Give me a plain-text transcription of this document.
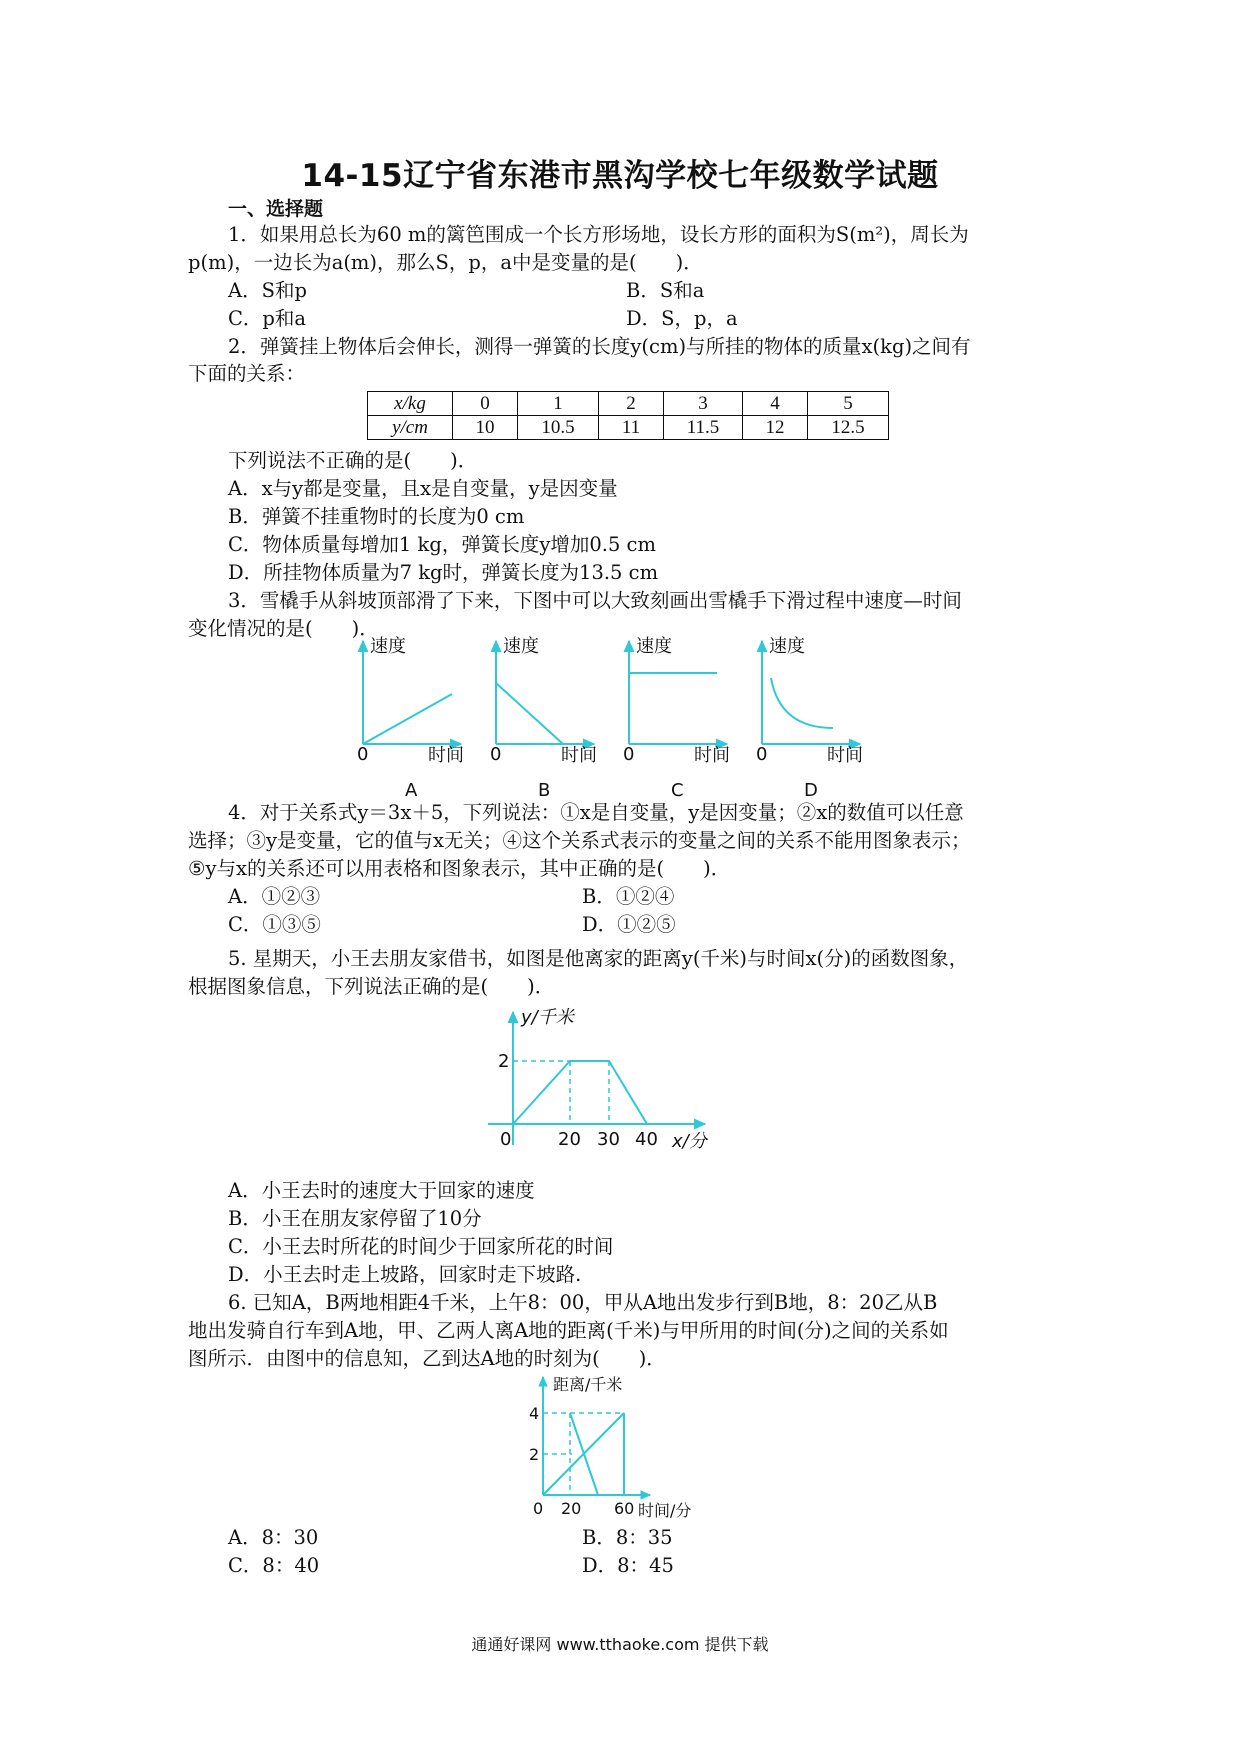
14-15辽宁省东港市黑沟学校七年级数学试题
一、选择题
1．如果用总长为60 m的篱笆围成一个长方形场地，设长方形的面积为S(m²)，周长为
p(m)，一边长为a(m)，那么S，p，a中是变量的是(　　)．
A．S和p	B．S和a
C．p和a	D．S，p，a
2．弹簧挂上物体后会伸长，测得一弹簧的长度y(cm)与所挂的物体的质量x(kg)之间有
下面的关系：
x/kg	0	1	2	3	4	5
y/cm	10	10.5	11	11.5	12	12.5
下列说法不正确的是(　　)．
A．x与y都是变量，且x是自变量，y是因变量
B．弹簧不挂重物时的长度为0 cm
C．物体质量每增加1 kg，弹簧长度y增加0.5 cm
D．所挂物体质量为7 kg时，弹簧长度为13.5 cm
3．雪橇手从斜坡顶部滑了下来，下图中可以大致刻画出雪橇手下滑过程中速度—时间
变化情况的是(　　)．
速度
0	时间
A
速度
0	时间
B
速度
0	时间
C
速度
0	时间
D
4．对于关系式y＝3x＋5，下列说法：①x是自变量，y是因变量；②x的数值可以任意
选择；③y是变量，它的值与x无关；④这个关系式表示的变量之间的关系不能用图象表示；
⑤y与x的关系还可以用表格和图象表示，其中正确的是(　　)．
A．①②③	B．①②④
C．①③⑤	D．①②⑤
5. 星期天，小王去朋友家借书，如图是他离家的距离y(千米)与时间x(分)的函数图象，
根据图象信息，下列说法正确的是(　　)．
y/千米
2
0	20 30 40 x/分
A．小王去时的速度大于回家的速度
B．小王在朋友家停留了10分
C．小王去时所花的时间少于回家所花的时间
D．小王去时走上坡路，回家时走下坡路.
6. 已知A，B两地相距4千米，上午8：00，甲从A地出发步行到B地，8：20乙从B
地出发骑自行车到A地，甲、乙两人离A地的距离(千米)与甲所用的时间(分)之间的关系如
图所示．由图中的信息知，乙到达A地的时刻为(　　)．
距离/千米
4
2
0 20 60 时间/分
A．8：30	B．8：35
C．8：40	D．8：45
通通好课网 www.tthaoke.com 提供下载
